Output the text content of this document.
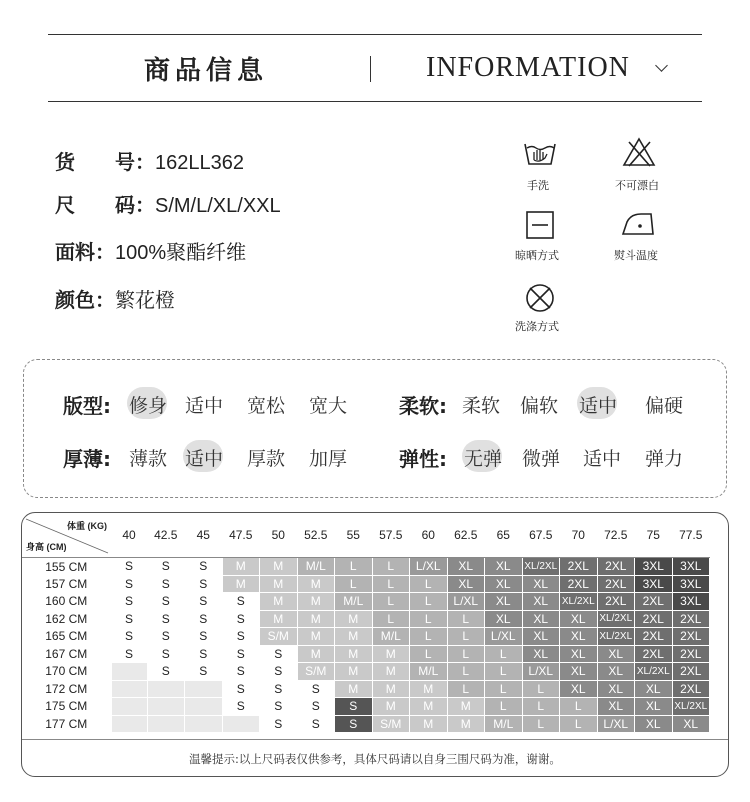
商品信息	INFORMATION
货　　号：162LL362
尺　　码：S/M/L/XL/XXL
面料：100%聚酯纤维
颜色：繁花橙
手洗	不可漂白
晾晒方式	熨斗温度
洗涤方式
版型: 修身 适中 宽松 宽大	柔软: 柔软 偏软 适中 偏硬
厚薄: 薄款 适中 厚款 加厚	弹性: 无弹 微弹 适中 弹力
体重 (KG)
身高 (CM)	40	42.5	45	47.5	50	52.5	55	57.5	60	62.5	65	67.5	70	72.5	75	77.5
155 CM	S	S	S	M	M	M/L	L	L	L/XL	XL	XL	XL/2XL	2XL	2XL	3XL	3XL
157 CM	S	S	S	M	M	M	L	L	L	XL	XL	XL	2XL	2XL	3XL	3XL
160 CM	S	S	S	S	M	M	M/L	L	L	L/XL	XL	XL	XL/2XL	2XL	2XL	3XL
162 CM	S	S	S	S	M	M	M	L	L	L	XL	XL	XL	XL/2XL	2XL	2XL
165 CM	S	S	S	S	S/M	M	M	M/L	L	L	L/XL	XL	XL	XL/2XL	2XL	2XL
167 CM	S	S	S	S	S	M	M	M	L	L	L	XL	XL	XL	2XL	2XL
170 CM		S	S	S	S	S/M	M	M	M/L	L	L	L/XL	XL	XL	XL/2XL	2XL
172 CM				S	S	S	M	M	M	L	L	L	XL	XL	XL	2XL
175 CM				S	S	S	S	M	M	M	L	L	L	XL	XL	XL/2XL
177 CM					S	S	S	S/M	M	M	M/L	L	L	L/XL	XL	XL
温馨提示:以上尺码表仅供参考，具体尺码请以自身三围尺码为准，谢谢。
